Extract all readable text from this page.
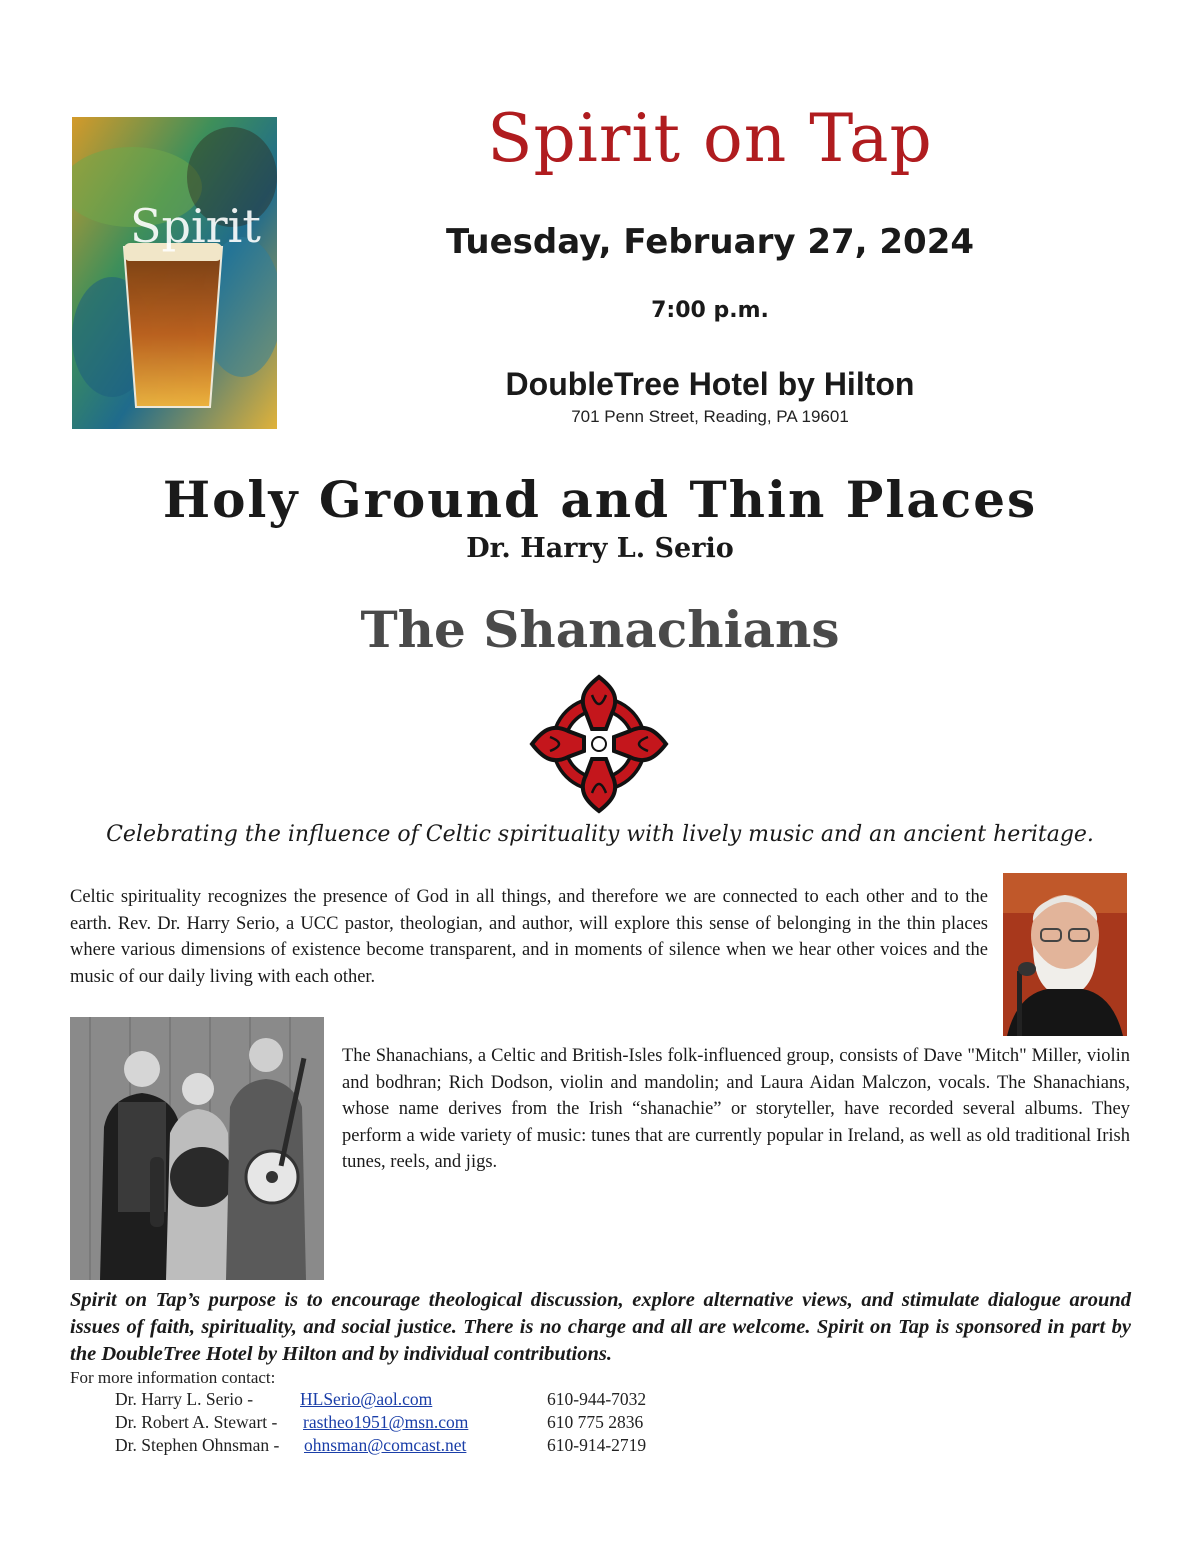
Spirit
Spirit on Tap
Tuesday, February 27, 2024
7:00 p.m.
DoubleTree Hotel by Hilton
701 Penn Street, Reading, PA 19601
Holy Ground and Thin Places
Dr. Harry L. Serio
The Shanachians
Celebrating the influence of Celtic spirituality with lively music and an ancient heritage.
Celtic spirituality recognizes the presence of God in all things, and therefore we are connected to each other and to the earth. Rev. Dr. Harry Serio, a UCC pastor, theologian, and author, will explore this sense of belonging in the thin places where various dimensions of existence become transparent, and in moments of silence when we hear other voices and the music of our daily living with each other.
The Shanachians, a Celtic and British-Isles folk-influenced group, consists of Dave "Mitch" Miller, violin and bodhran; Rich Dodson, violin and mandolin; and Laura Aidan Malczon, vocals. The Shanachians, whose name derives from the Irish “shanachie” or storyteller, have recorded several albums. They perform a wide variety of music: tunes that are currently popular in Ireland, as well as old traditional Irish tunes, reels, and jigs.
Spirit on Tap’s purpose is to encourage theological discussion, explore alternative views, and stimulate dialogue around issues of faith, spirituality, and social justice. There is no charge and all are welcome. Spirit on Tap is sponsored in part by the DoubleTree Hotel by Hilton and by individual contributions.
For more information contact:
Dr. Harry L. Serio -	HLSerio@aol.com	610-944-7032
Dr. Robert A. Stewart - rastheo1951@msn.com	610 775 2836
Dr. Stephen Ohnsman - ohnsman@comcast.net	610-914-2719
